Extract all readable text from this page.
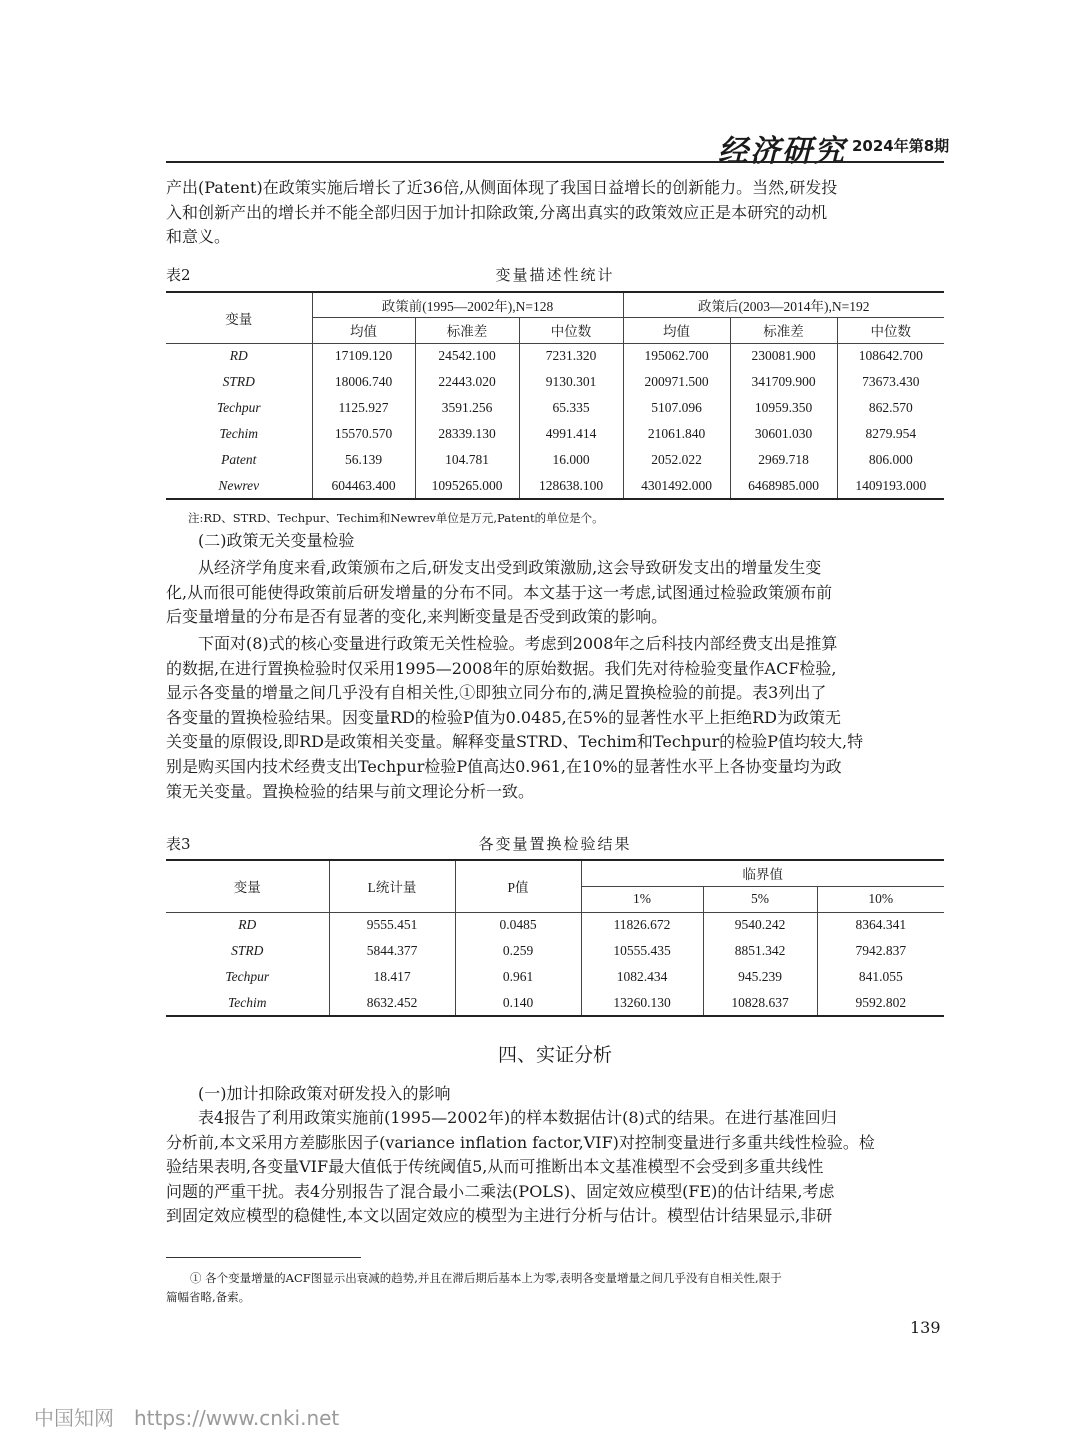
经济研究 2024年第8期
产出(Patent)在政策实施后增长了近36倍,从侧面体现了我国日益增长的创新能力。当然,研发投
入和创新产出的增长并不能全部归因于加计扣除政策,分离出真实的政策效应正是本研究的动机
和意义。
表2	变量描述性统计
变量	政策前(1995—2002年),N=128			政策后(2003—2014年),N=192		
	均值	标准差	中位数	均值	标准差	中位数
RD	17109.120	24542.100	7231.320	195062.700	230081.900	108642.700
STRD	18006.740	22443.020	9130.301	200971.500	341709.900	73673.430
Techpur	1125.927	3591.256	65.335	5107.096	10959.350	862.570
Techim	15570.570	28339.130	4991.414	21061.840	30601.030	8279.954
Patent	56.139	104.781	16.000	2052.022	2969.718	806.000
Newrev	604463.400	1095265.000	128638.100	4301492.000	6468985.000	1409193.000
注:RD、STRD、Techpur、Techim和Newrev单位是万元,Patent的单位是个。
(二)政策无关变量检验
从经济学角度来看,政策颁布之后,研发支出受到政策激励,这会导致研发支出的增量发生变
化,从而很可能使得政策前后研发增量的分布不同。本文基于这一考虑,试图通过检验政策颁布前
后变量增量的分布是否有显著的变化,来判断变量是否受到政策的影响。
下面对(8)式的核心变量进行政策无关性检验。考虑到2008年之后科技内部经费支出是推算
的数据,在进行置换检验时仅采用1995—2008年的原始数据。我们先对待检验变量作ACF检验,
显示各变量的增量之间几乎没有自相关性,①即独立同分布的,满足置换检验的前提。表3列出了
各变量的置换检验结果。因变量RD的检验P值为0.0485,在5%的显著性水平上拒绝RD为政策无
关变量的原假设,即RD是政策相关变量。解释变量STRD、Techim和Techpur的检验P值均较大,特
别是购买国内技术经费支出Techpur检验P值高达0.961,在10%的显著性水平上各协变量均为政
策无关变量。置换检验的结果与前文理论分析一致。
表3	各变量置换检验结果
变量	L统计量	P值	临界值		
			1%	5%	10%
RD	9555.451	0.0485	11826.672	9540.242	8364.341
STRD	5844.377	0.259	10555.435	8851.342	7942.837
Techpur	18.417	0.961	1082.434	945.239	841.055
Techim	8632.452	0.140	13260.130	10828.637	9592.802
四、实证分析
(一)加计扣除政策对研发投入的影响
表4报告了利用政策实施前(1995—2002年)的样本数据估计(8)式的结果。在进行基准回归
分析前,本文采用方差膨胀因子(variance inflation factor,VIF)对控制变量进行多重共线性检验。检
验结果表明,各变量VIF最大值低于传统阈值5,从而可推断出本文基准模型不会受到多重共线性
问题的严重干扰。表4分别报告了混合最小二乘法(POLS)、固定效应模型(FE)的估计结果,考虑
到固定效应模型的稳健性,本文以固定效应的模型为主进行分析与估计。模型估计结果显示,非研
① 各个变量增量的ACF图显示出衰减的趋势,并且在滞后期后基本上为零,表明各变量增量之间几乎没有自相关性,限于
篇幅省略,备索。
139
中国知网 https://www.cnki.net
